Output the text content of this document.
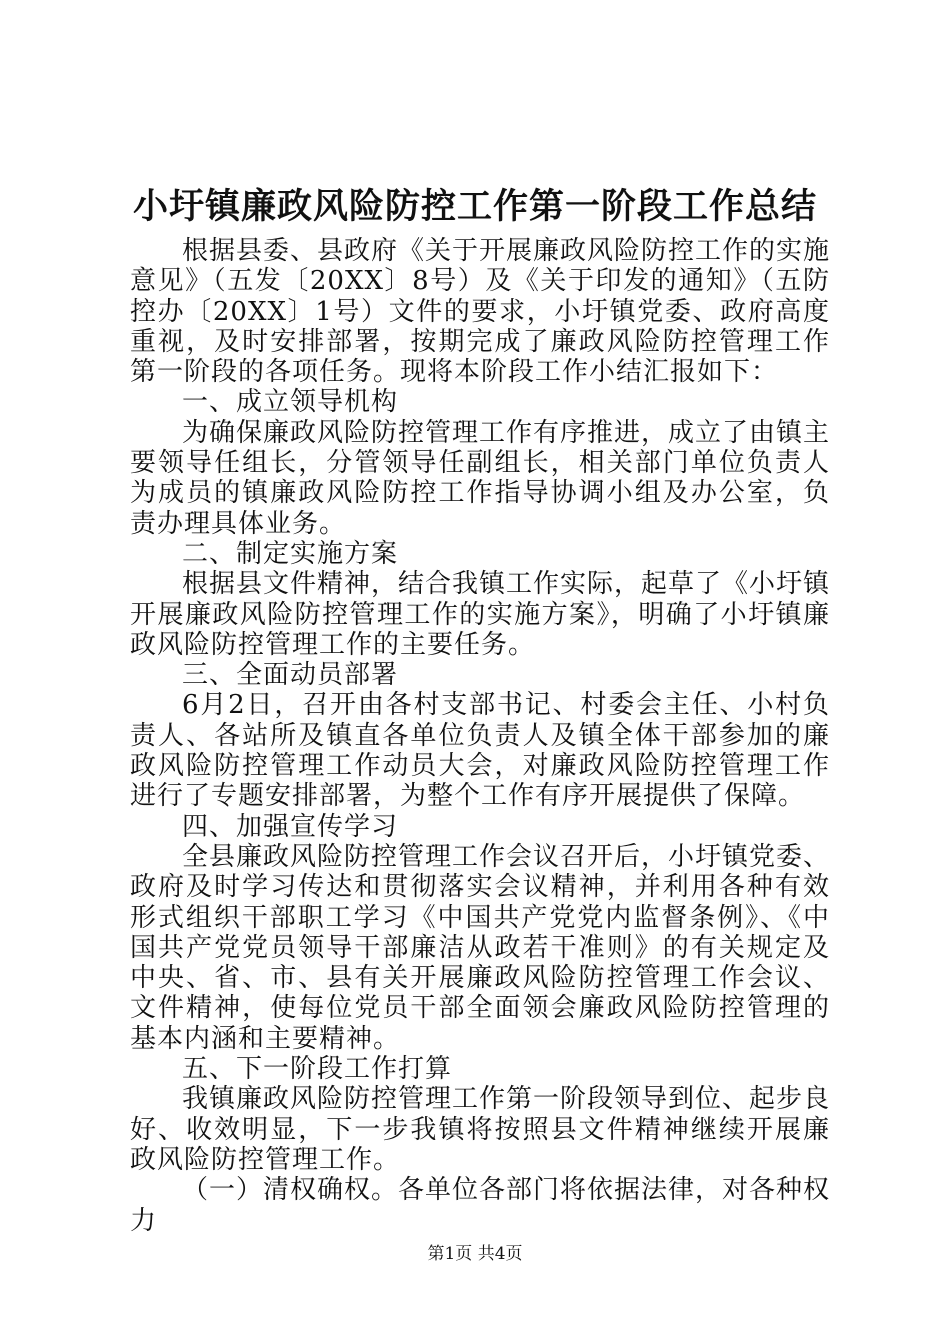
小圩镇廉政风险防控工作第一阶段工作总结

根据县委、县政府《关于开展廉政风险防控工作的实施意见》（五发〔20XX〕8号）及《关于印发的通知》（五防控办〔20XX〕1号）文件的要求，小圩镇党委、政府高度重视，及时安排部署，按期完成了廉政风险防控管理工作第一阶段的各项任务。现将本阶段工作小结汇报如下：

一、成立领导机构

为确保廉政风险防控管理工作有序推进，成立了由镇主要领导任组长，分管领导任副组长，相关部门单位负责人为成员的镇廉政风险防控工作指导协调小组及办公室，负责办理具体业务。

二、制定实施方案

根据县文件精神，结合我镇工作实际，起草了《小圩镇开展廉政风险防控管理工作的实施方案》，明确了小圩镇廉政风险防控管理工作的主要任务。

三、全面动员部署

6月2日，召开由各村支部书记、村委会主任、小村负责人、各站所及镇直各单位负责人及镇全体干部参加的廉政风险防控管理工作动员大会，对廉政风险防控管理工作进行了专题安排部署，为整个工作有序开展提供了保障。

四、加强宣传学习

全县廉政风险防控管理工作会议召开后，小圩镇党委、政府及时学习传达和贯彻落实会议精神，并利用各种有效形式组织干部职工学习《中国共产党党内监督条例》、《中国共产党党员领导干部廉洁从政若干准则》的有关规定及中央、省、市、县有关开展廉政风险防控管理工作会议、文件精神，使每位党员干部全面领会廉政风险防控管理的基本内涵和主要精神。

五、下一阶段工作打算

我镇廉政风险防控管理工作第一阶段领导到位、起步良好、收效明显，下一步我镇将按照县文件精神继续开展廉政风险防控管理工作。

（一）清权确权。各单位各部门将依据法律，对各种权力

第1页 共4页
